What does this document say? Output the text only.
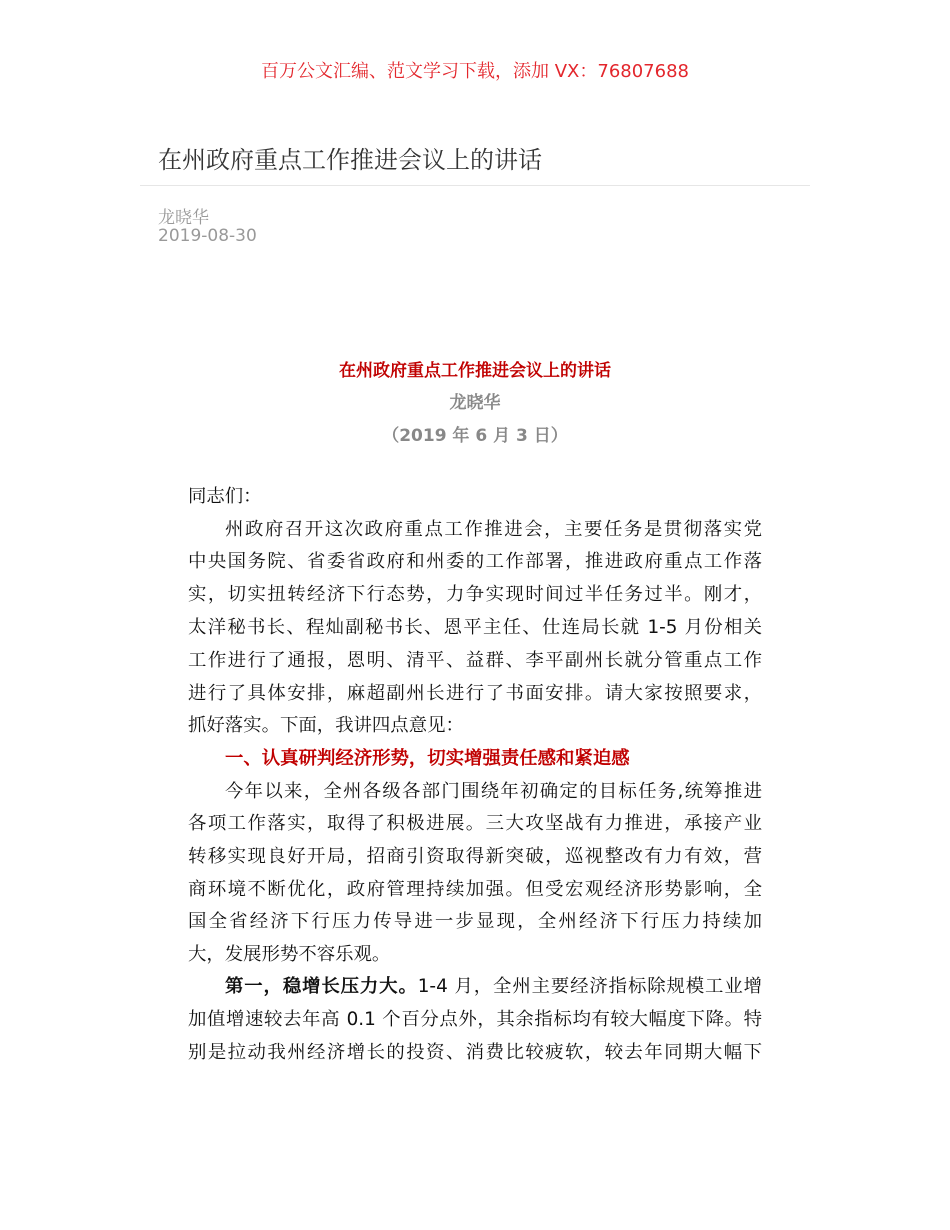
百万公文汇编、范文学习下载，添加 VX：76807688
在州政府重点工作推进会议上的讲话
龙晓华
2019-08-30
在州政府重点工作推进会议上的讲话
龙晓华
（2019 年 6 月 3 日）
同志们：
州政府召开这次政府重点工作推进会，主要任务是贯彻落实党
中央国务院、省委省政府和州委的工作部署，推进政府重点工作落
实，切实扭转经济下行态势，力争实现时间过半任务过半。刚才，
太洋秘书长、程灿副秘书长、恩平主任、仕连局长就 1-5 月份相关
工作进行了通报，恩明、清平、益群、李平副州长就分管重点工作
进行了具体安排，麻超副州长进行了书面安排。请大家按照要求，
抓好落实。下面，我讲四点意见：
一、认真研判经济形势，切实增强责任感和紧迫感
今年以来，全州各级各部门围绕年初确定的目标任务,统筹推进
各项工作落实，取得了积极进展。三大攻坚战有力推进，承接产业
转移实现良好开局，招商引资取得新突破，巡视整改有力有效，营
商环境不断优化，政府管理持续加强。但受宏观经济形势影响，全
国全省经济下行压力传导进一步显现，全州经济下行压力持续加
大，发展形势不容乐观。
第一，稳增长压力大。1-4 月，全州主要经济指标除规模工业增
加值增速较去年高 0.1 个百分点外，其余指标均有较大幅度下降。特
别是拉动我州经济增长的投资、消费比较疲软，较去年同期大幅下
